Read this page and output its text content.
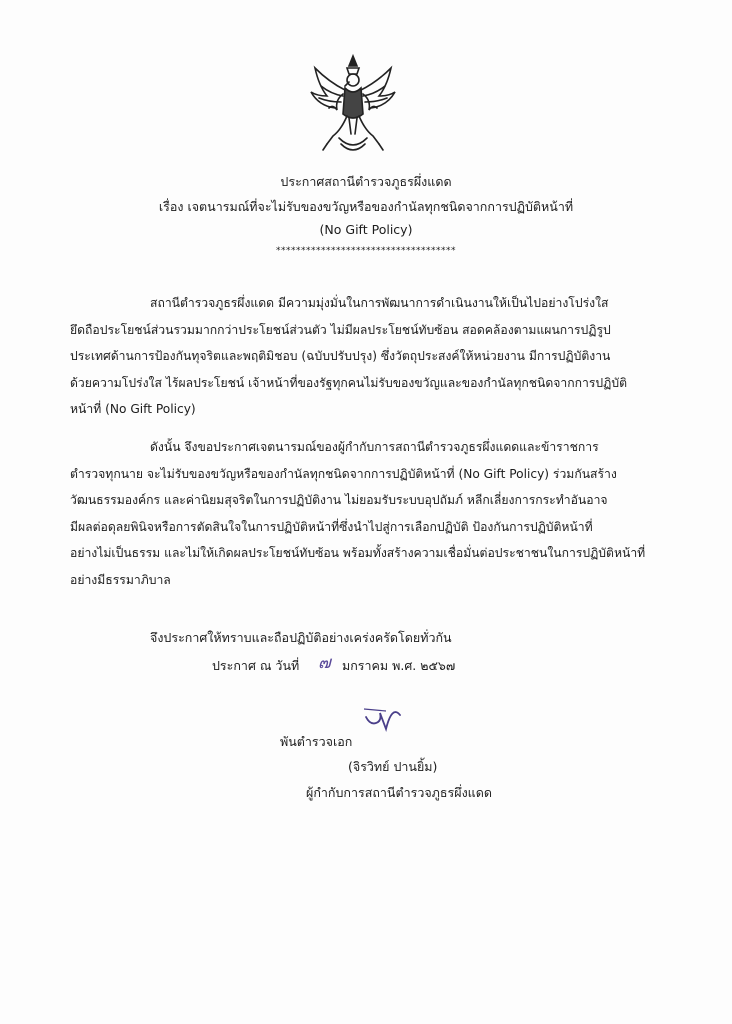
ประกาศสถานีตำรวจภูธรผึ่งแดด
เรื่อง เจตนารมณ์ที่จะไม่รับของขวัญหรือของกำนัลทุกชนิดจากการปฏิบัติหน้าที่
(No Gift Policy)
************************************

สถานีตำรวจภูธรผึ่งแดด มีความมุ่งมั่นในการพัฒนาการดำเนินงานให้เป็นไปอย่างโปร่งใส

ยึดถือประโยชน์ส่วนรวมมากกว่าประโยชน์ส่วนตัว ไม่มีผลประโยชน์ทับซ้อน สอดคล้องตามแผนการปฏิรูป

ประเทศด้านการป้องกันทุจริตและพฤติมิชอบ (ฉบับปรับปรุง) ซึ่งวัตถุประสงค์ให้หน่วยงาน มีการปฏิบัติงาน

ด้วยความโปร่งใส ไร้ผลประโยชน์ เจ้าหน้าที่ของรัฐทุกคนไม่รับของขวัญและของกำนัลทุกชนิดจากการปฏิบัติ

หน้าที่ (No Gift Policy)

ดังนั้น จึงขอประกาศเจตนารมณ์ของผู้กำกับการสถานีตำรวจภูธรผึ่งแดดและข้าราชการ

ตำรวจทุกนาย จะไม่รับของขวัญหรือของกำนัลทุกชนิดจากการปฏิบัติหน้าที่ (No Gift Policy) ร่วมกันสร้าง

วัฒนธรรมองค์กร และค่านิยมสุจริตในการปฏิบัติงาน ไม่ยอมรับระบบอุปถัมภ์ หลีกเลี่ยงการกระทำอันอาจ

มีผลต่อดุลยพินิจหรือการตัดสินใจในการปฏิบัติหน้าที่ซึ่งนำไปสู่การเลือกปฏิบัติ ป้องกันการปฏิบัติหน้าที่

อย่างไม่เป็นธรรม และไม่ให้เกิดผลประโยชน์ทับซ้อน พร้อมทั้งสร้างความเชื่อมั่นต่อประชาชนในการปฏิบัติหน้าที่

อย่างมีธรรมาภิบาล

จึงประกาศให้ทราบและถือปฏิบัติอย่างเคร่งครัดโดยทั่วกัน
ประกาศ ณ วันที่ ๗ มกราคม พ.ศ. ๒๕๖๗
พันตำรวจเอก
(จิรวิทย์ ปานยิ้ม)
ผู้กำกับการสถานีตำรวจภูธรผึ่งแดด
